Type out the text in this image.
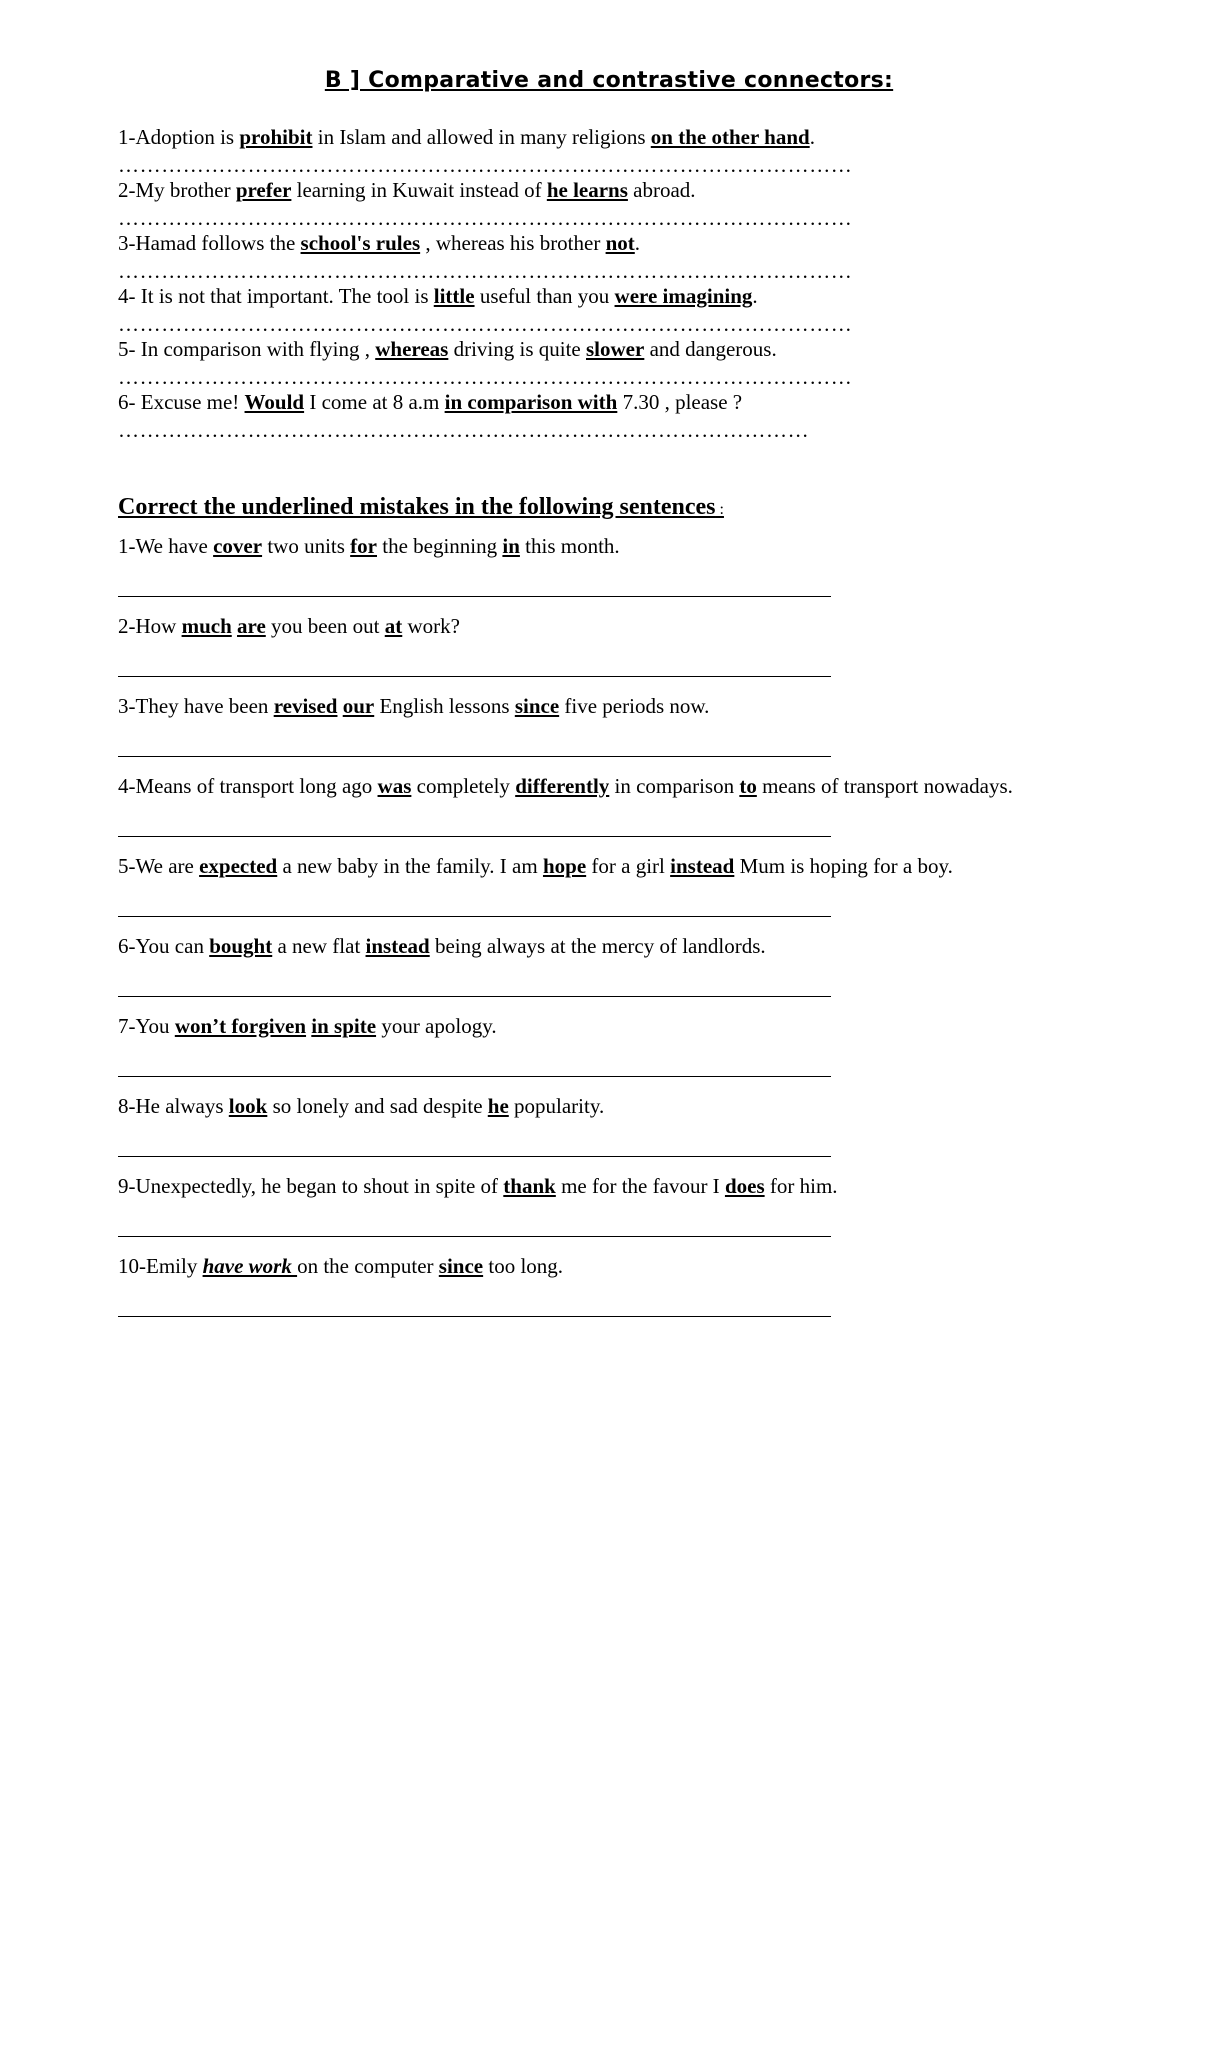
B ] Comparative and contrastive connectors:
1-Adoption is prohibit in Islam and allowed in many religions on the other hand.
…………………………………………………………………………………………
2-My brother prefer learning in Kuwait instead of he learns abroad.
…………………………………………………………………………………………
3-Hamad follows the school's rules , whereas his brother not.
…………………………………………………………………………………………
4- It is not that important. The tool is little useful than you were imagining.
…………………………………………………………………………………………
5- In comparison with flying , whereas driving is quite slower and dangerous.
…………………………………………………………………………………………
6- Excuse me! Would I come at 8 a.m in comparison with 7.30 , please ?
……………………………………………………………………………………
Correct the underlined mistakes in the following sentences :
1-We have cover two units for the beginning in this month.
2-How much are you been out at work?
3-They have been revised our English lessons since five periods now.
4-Means of transport long ago was completely differently in comparison to means of transport nowadays.
5-We are expected a new baby in the family. I am hope for a girl instead Mum is hoping for a boy.
6-You can bought a new flat instead being always at the mercy of landlords.
7-You won’t forgiven in spite your apology.
8-He always look so lonely and sad despite he popularity.
9-Unexpectedly, he began to shout in spite of thank me for the favour I does for him.
10-Emily have work on the computer since too long.
